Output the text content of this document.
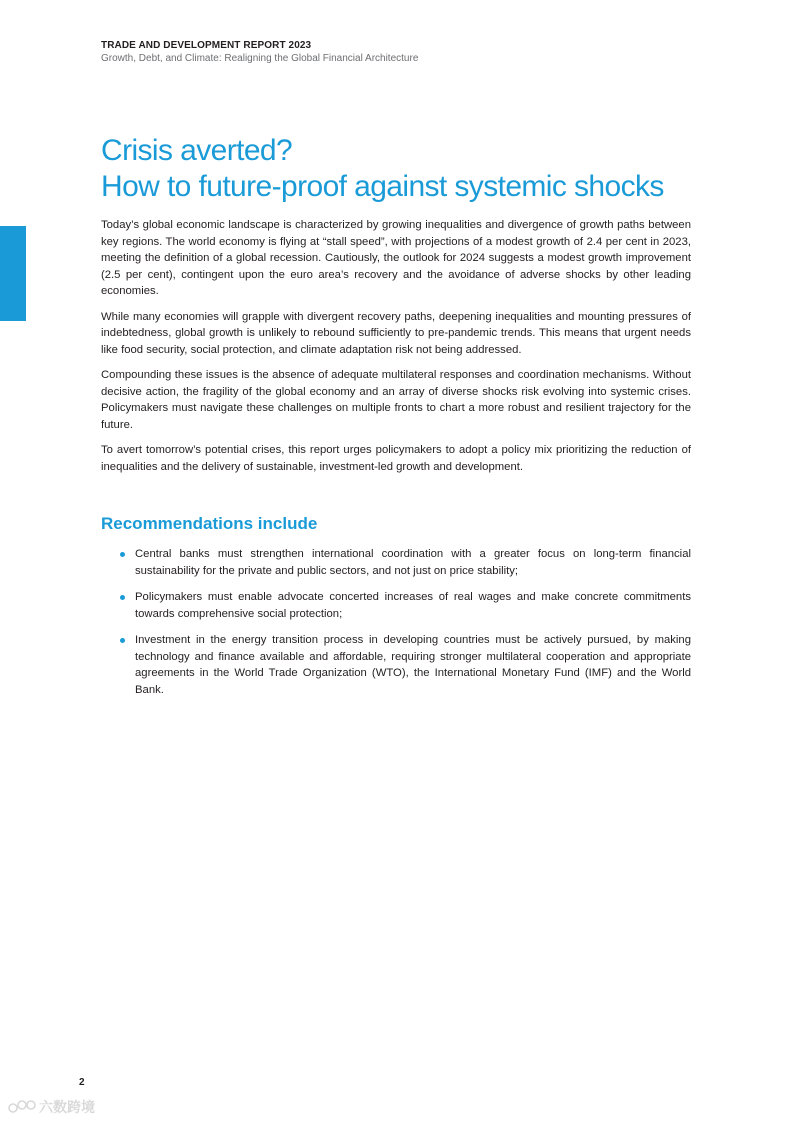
TRADE AND DEVELOPMENT REPORT 2023
Growth, Debt, and Climate: Realigning the Global Financial Architecture
Crisis averted?
How to future-proof against systemic shocks

Today’s global economic landscape is characterized by growing inequalities and divergence of growth paths between key regions. The world economy is flying at “stall speed”, with projections of a modest growth of 2.4 per cent in 2023, meeting the definition of a global recession. Cautiously, the outlook for 2024 suggests a modest growth improvement (2.5 per cent), contingent upon the euro area’s recovery and the avoidance of adverse shocks by other leading economies.

While many economies will grapple with divergent recovery paths, deepening inequalities and mounting pressures of indebtedness, global growth is unlikely to rebound sufficiently to pre-pandemic trends. This means that urgent needs like food security, social protection, and climate adaptation risk not being addressed.

Compounding these issues is the absence of adequate multilateral responses and coordination mechanisms. Without decisive action, the fragility of the global economy and an array of diverse shocks risk evolving into systemic crises. Policymakers must navigate these challenges on multiple fronts to chart a more robust and resilient trajectory for the future.

To avert tomorrow’s potential crises, this report urges policymakers to adopt a policy mix prioritizing the reduction of inequalities and the delivery of sustainable, investment-led growth and development.

Recommendations include
Central banks must strengthen international coordination with a greater focus on long-term financial sustainability for the private and public sectors, and not just on price stability;
Policymakers must enable advocate concerted increases of real wages and make concrete commitments towards comprehensive social protection;
Investment in the energy transition process in developing countries must be actively pursued, by making technology and finance available and affordable, requiring stronger multilateral cooperation and appropriate agreements in the World Trade Organization (WTO), the International Monetary Fund (IMF) and the World Bank.
2
六数跨境
